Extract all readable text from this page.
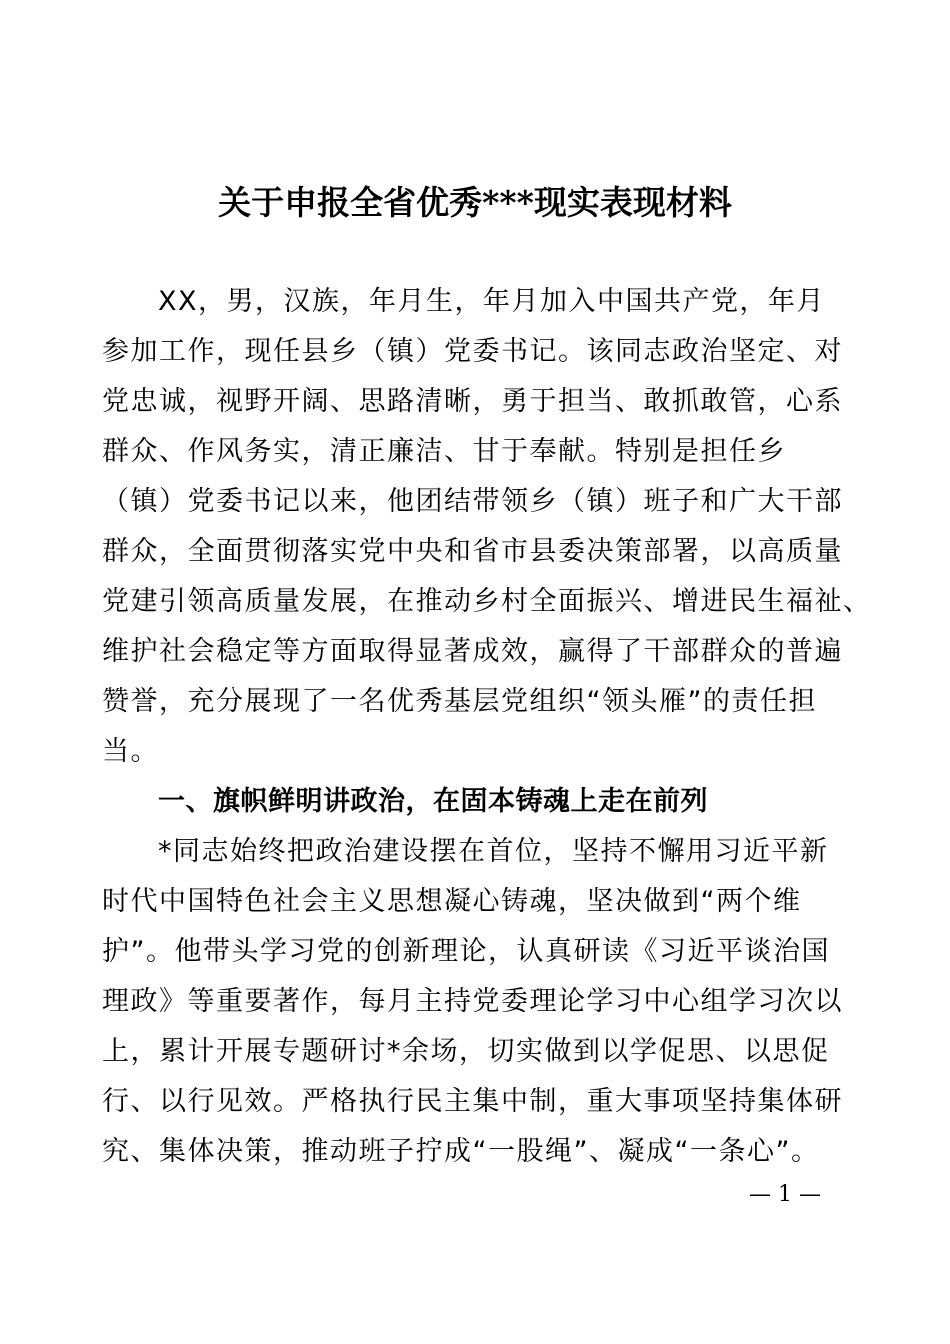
关于申报全省优秀***现实表现材料
XX，男，汉族，年月生，年月加入中国共产党，年月
参加工作，现任县乡（镇）党委书记。该同志政治坚定、对
党忠诚，视野开阔、思路清晰，勇于担当、敢抓敢管，心系
群众、作风务实，清正廉洁、甘于奉献。特别是担任乡
（镇）党委书记以来，他团结带领乡（镇）班子和广大干部
群众，全面贯彻落实党中央和省市县委决策部署，以高质量
党建引领高质量发展，在推动乡村全面振兴、增进民生福祉、
维护社会稳定等方面取得显著成效，赢得了干部群众的普遍
赞誉，充分展现了一名优秀基层党组织“领头雁”的责任担
当。
一、旗帜鲜明讲政治，在固本铸魂上走在前列
*同志始终把政治建设摆在首位，坚持不懈用习近平新
时代中国特色社会主义思想凝心铸魂，坚决做到“两个维
护”。他带头学习党的创新理论，认真研读《习近平谈治国
理政》等重要著作，每月主持党委理论学习中心组学习次以
上，累计开展专题研讨*余场，切实做到以学促思、以思促
行、以行见效。严格执行民主集中制，重大事项坚持集体研
究、集体决策，推动班子拧成“一股绳”、凝成“一条心”。
— 1 —
